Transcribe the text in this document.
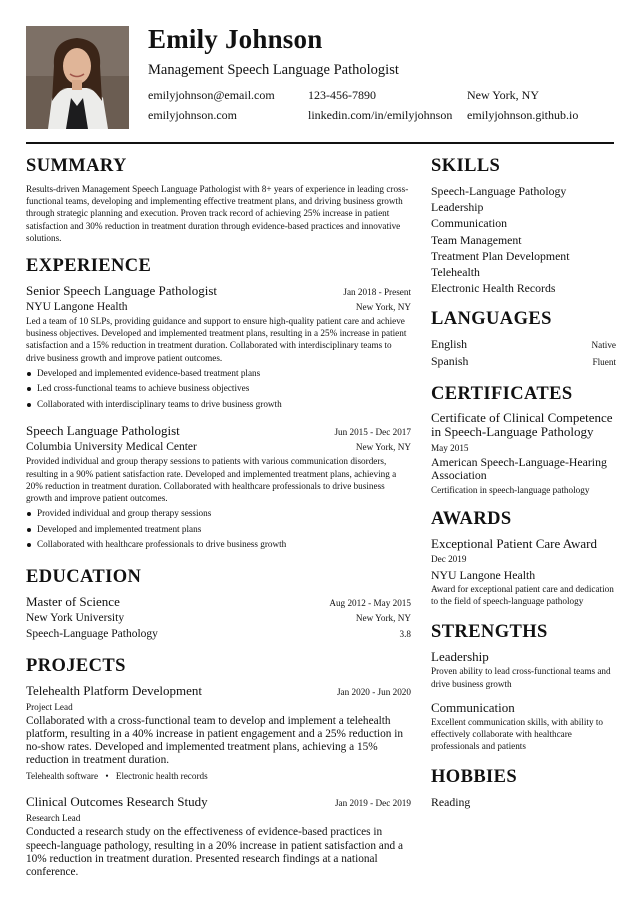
Emily Johnson
Management Speech Language Pathologist
emilyjohnson@email.com	123-456-7890	New York, NY
emilyjohnson.com	linkedin.com/in/emilyjohnson emilyjohnson.github.io
SUMMARY
Results-driven Management Speech Language Pathologist with 8+ years of experience in leading cross-functional teams, developing and implementing effective treatment plans, and driving business growth through strategic planning and execution. Proven track record of achieving 25% increase in patient satisfaction and 30% reduction in treatment duration through evidence-based practices and innovative solutions.
EXPERIENCE
Senior Speech Language Pathologist	Jan 2018 - Present
NYU Langone Health	New York, NY
Led a team of 10 SLPs, providing guidance and support to ensure high-quality patient care and achieve business objectives. Developed and implemented treatment plans, resulting in a 25% increase in patient satisfaction and a 15% reduction in treatment duration. Collaborated with interdisciplinary teams to drive business growth and improve patient outcomes.
Developed and implemented evidence-based treatment plans
Led cross-functional teams to achieve business objectives
Collaborated with interdisciplinary teams to drive business growth
Speech Language Pathologist	Jun 2015 - Dec 2017
Columbia University Medical Center	New York, NY
Provided individual and group therapy sessions to patients with various communication disorders, resulting in a 90% patient satisfaction rate. Developed and implemented treatment plans, achieving a 20% reduction in treatment duration. Collaborated with healthcare professionals to drive business growth and improve patient outcomes.
Provided individual and group therapy sessions
Developed and implemented treatment plans
Collaborated with healthcare professionals to drive business growth
EDUCATION
Master of Science	Aug 2012 - May 2015
New York University	New York, NY
Speech-Language Pathology	3.8
PROJECTS
Telehealth Platform Development	Jan 2020 - Jun 2020
Project Lead
Collaborated with a cross-functional team to develop and implement a telehealth platform, resulting in a 40% increase in patient engagement and a 25% reduction in no-show rates. Developed and implemented treatment plans, achieving a 15% reduction in treatment duration.
Telehealth software • Electronic health records
Clinical Outcomes Research Study	Jan 2019 - Dec 2019
Research Lead
Conducted a research study on the effectiveness of evidence-based practices in speech-language pathology, resulting in a 20% increase in patient satisfaction and a 10% reduction in treatment duration. Presented research findings at a national conference.
SKILLS
Speech-Language Pathology
Leadership
Communication
Team Management
Treatment Plan Development
Telehealth
Electronic Health Records
LANGUAGES
English	Native
Spanish	Fluent
CERTIFICATES
Certificate of Clinical Competence in Speech-Language Pathology
May 2015
American Speech-Language-Hearing Association
Certification in speech-language pathology
AWARDS
Exceptional Patient Care Award
Dec 2019
NYU Langone Health
Award for exceptional patient care and dedication to the field of speech-language pathology
STRENGTHS
Leadership
Proven ability to lead cross-functional teams and drive business growth
Communication
Excellent communication skills, with ability to effectively collaborate with healthcare professionals and patients
HOBBIES
Reading
